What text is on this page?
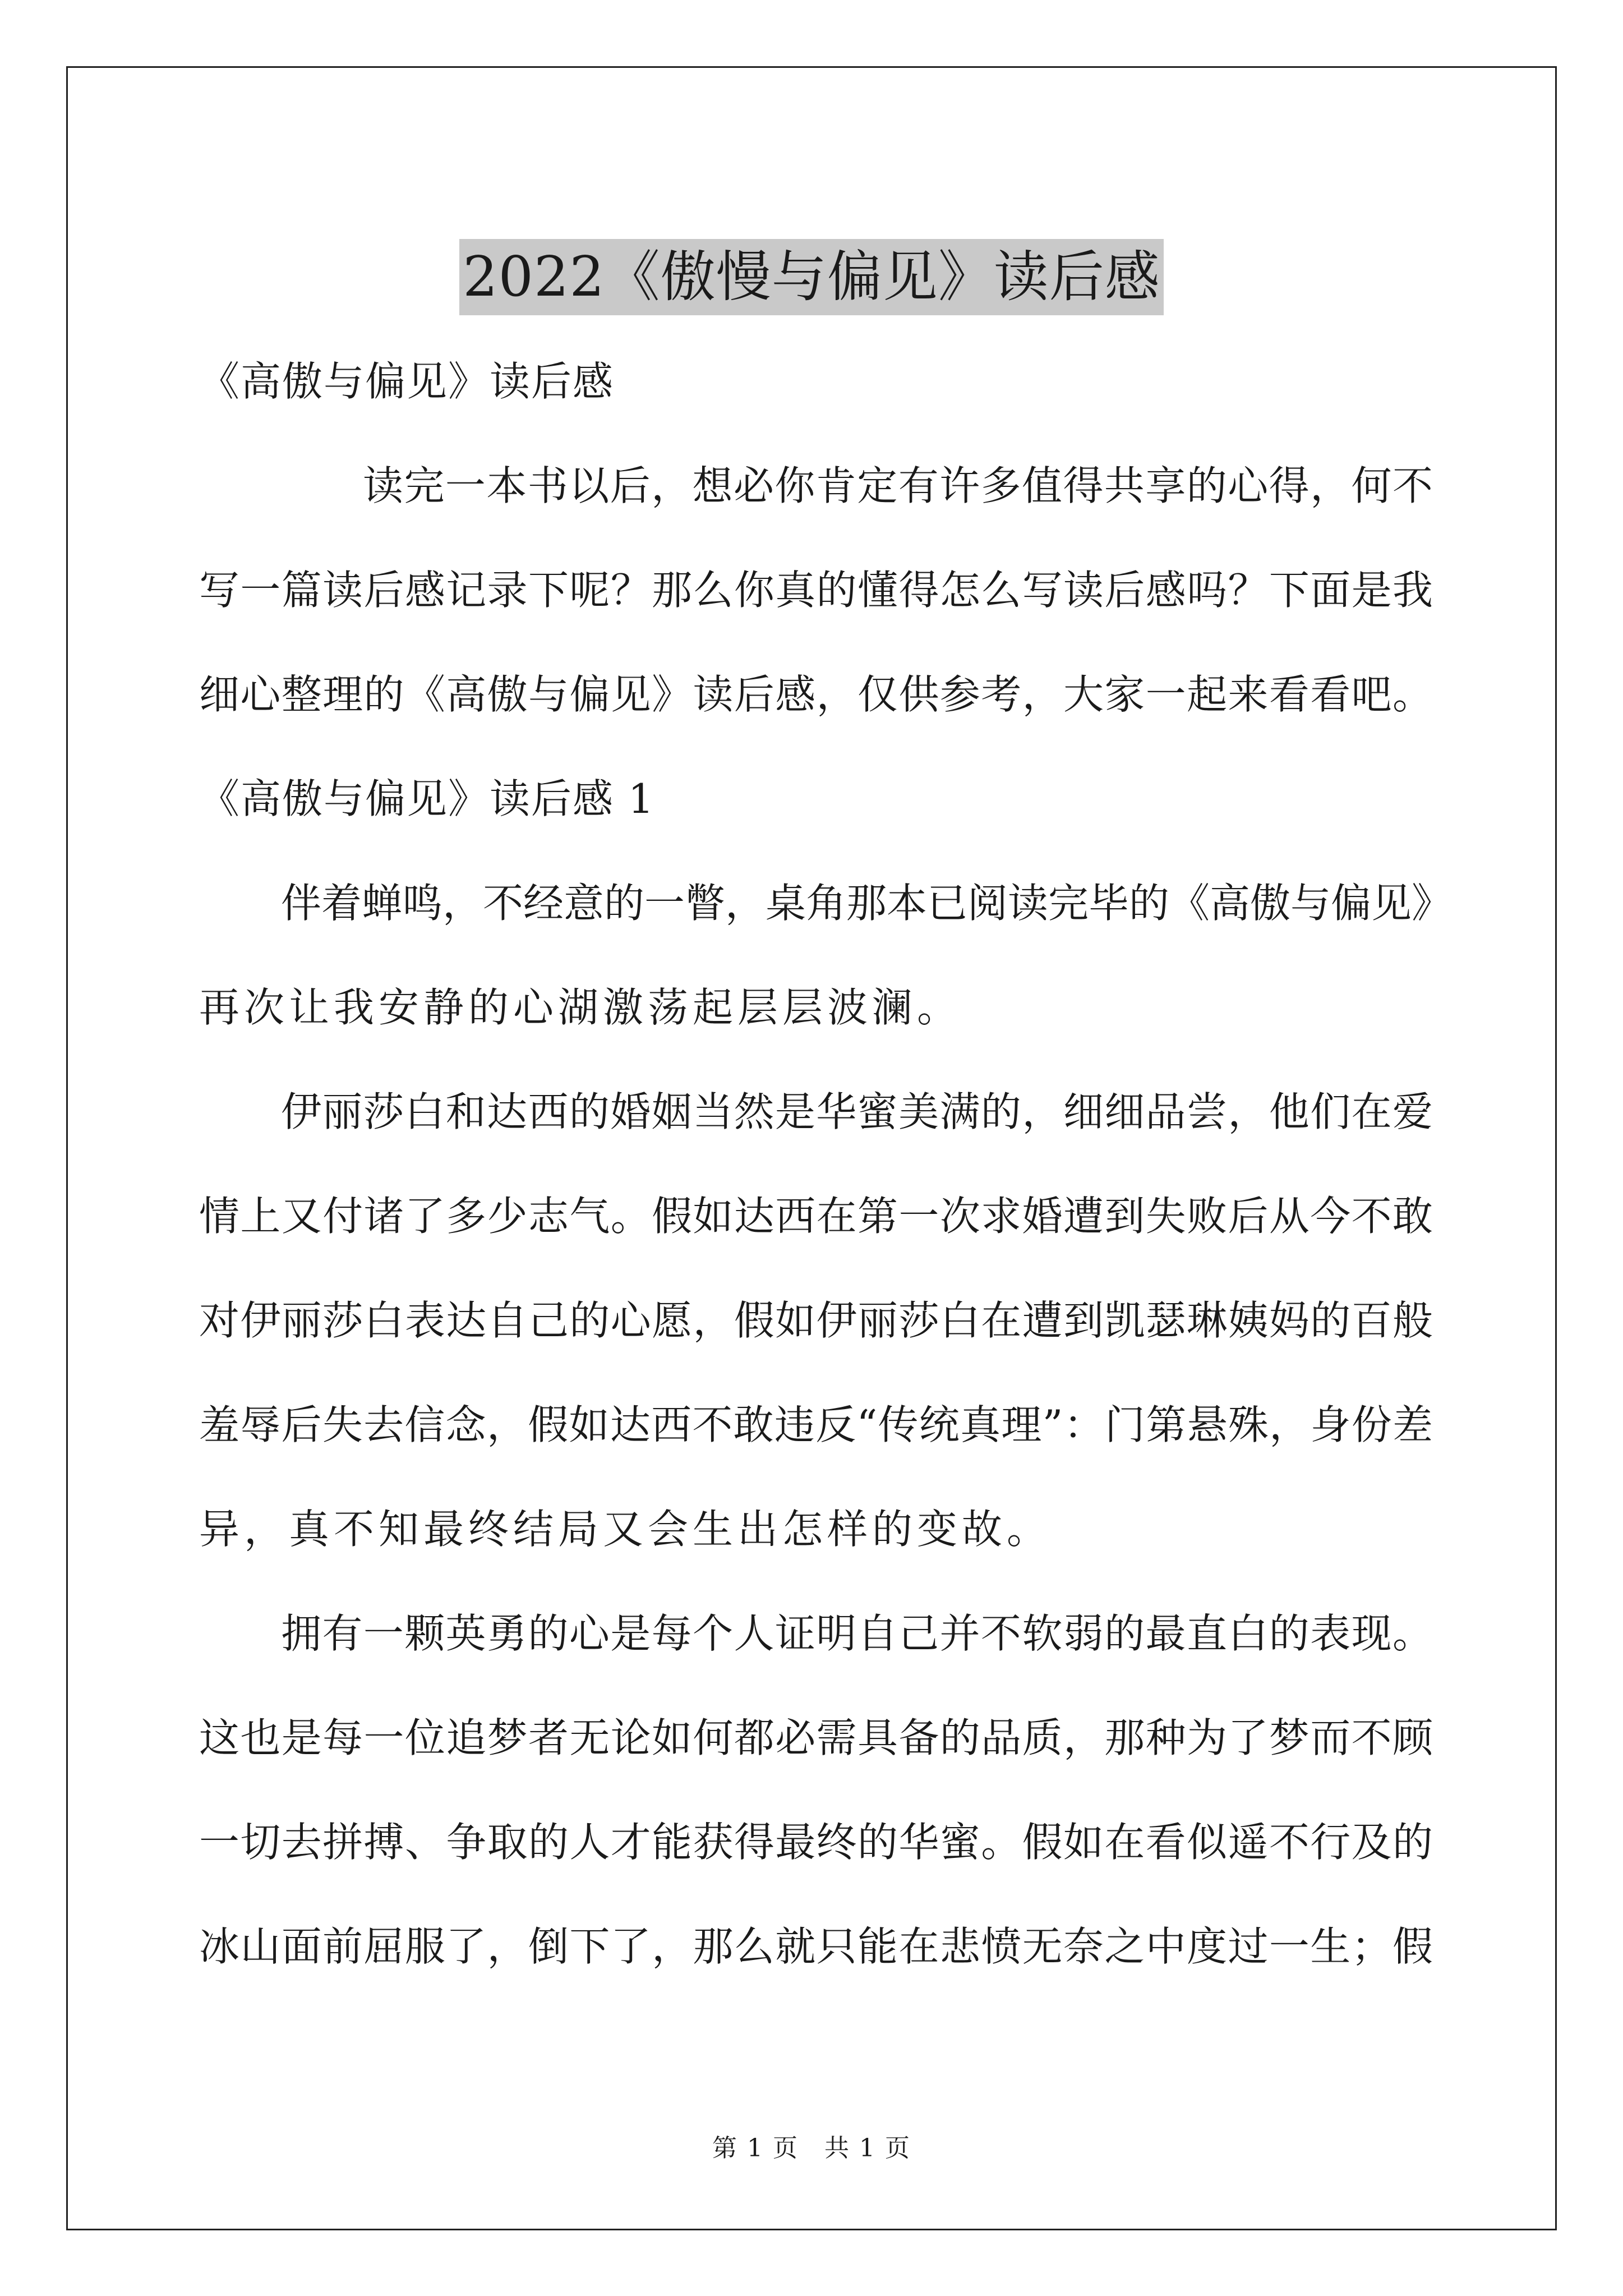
2022《傲慢与偏见》读后感
《高傲与偏见》读后感
读完一本书以后，想必你肯定有许多值得共享的心得，何不
写一篇读后感记录下呢？那么你真的懂得怎么写读后感吗？下面是我
细心整理的《高傲与偏见》读后感，仅供参考，大家一起来看看吧。
《高傲与偏见》读后感 1
伴着蝉鸣，不经意的一瞥，桌角那本已阅读完毕的《高傲与偏见》
再次让我安静的心湖激荡起层层波澜。
伊丽莎白和达西的婚姻当然是华蜜美满的，细细品尝，他们在爱
情上又付诸了多少志气。假如达西在第一次求婚遭到失败后从今不敢
对伊丽莎白表达自己的心愿，假如伊丽莎白在遭到凯瑟琳姨妈的百般
羞辱后失去信念，假如达西不敢违反“传统真理”：门第悬殊，身份差
异，真不知最终结局又会生出怎样的变故。
拥有一颗英勇的心是每个人证明自己并不软弱的最直白的表现。
这也是每一位追梦者无论如何都必需具备的品质，那种为了梦而不顾
一切去拼搏、争取的人才能获得最终的华蜜。假如在看似遥不行及的
冰山面前屈服了，倒下了，那么就只能在悲愤无奈之中度过一生；假
第 1 页　共 1 页
